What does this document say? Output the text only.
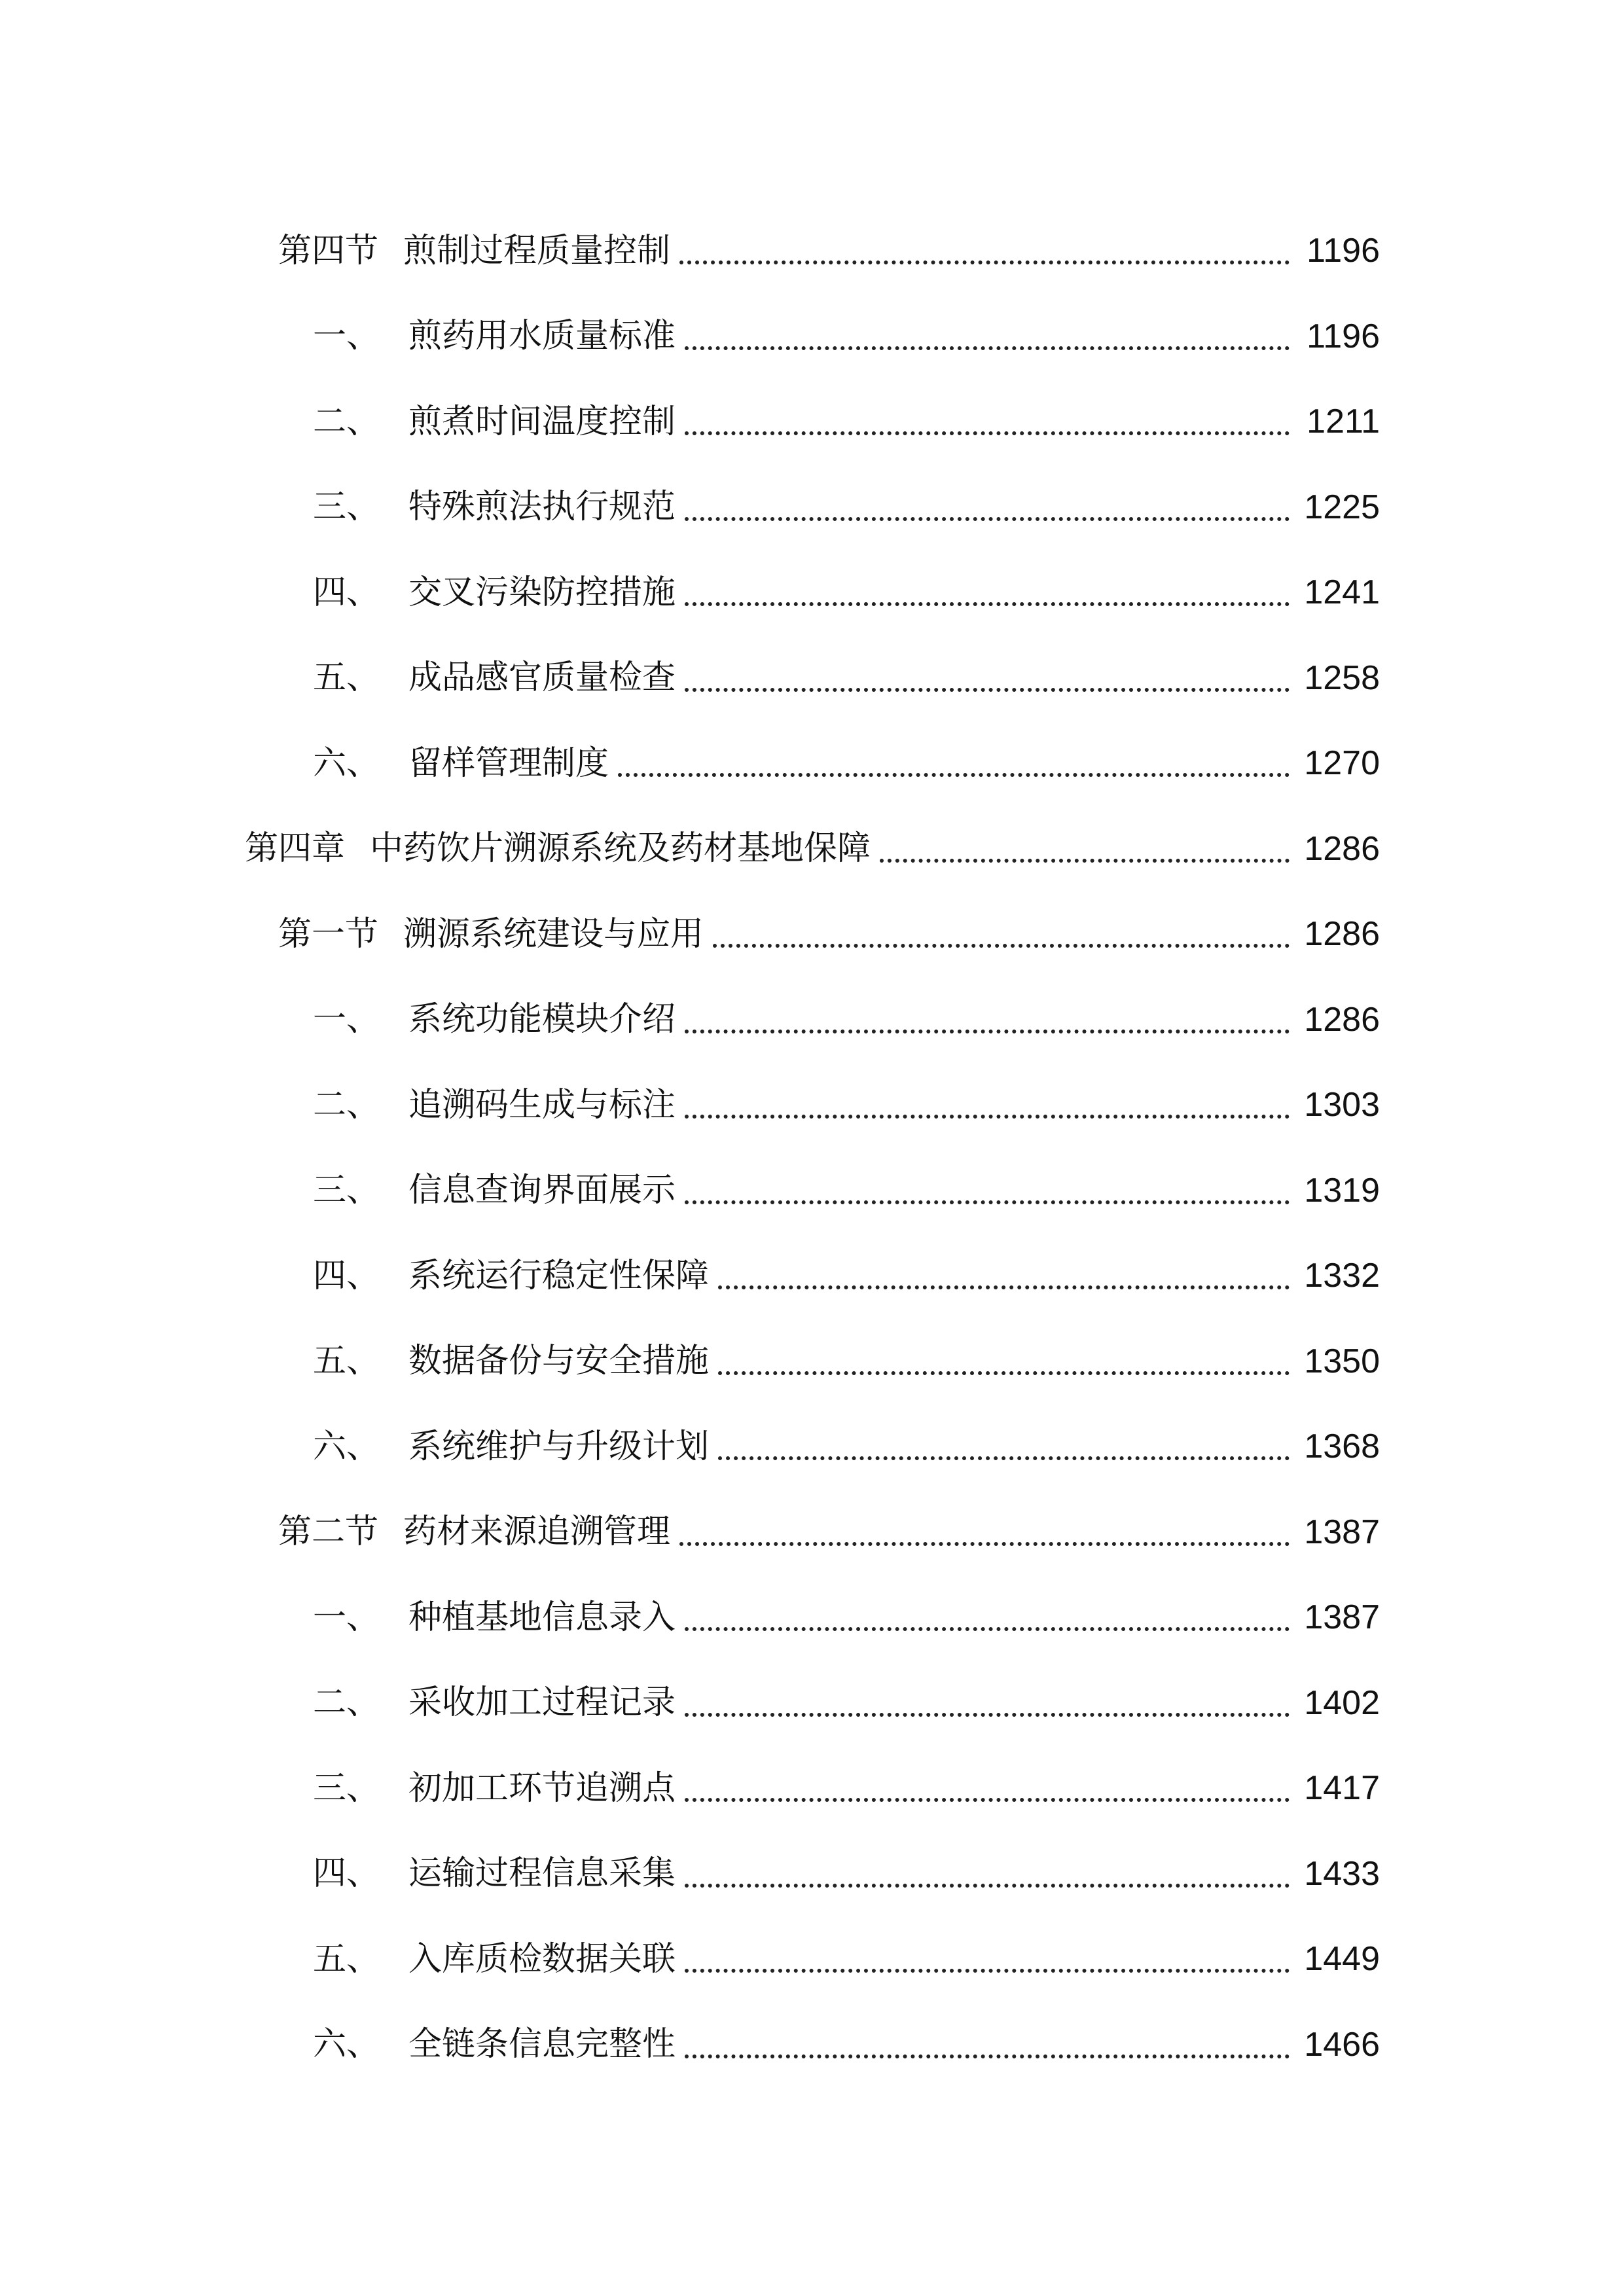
第四节 煎制过程质量控制	1196
一、 煎药用水质量标准	1196
二、 煎煮时间温度控制	1211
三、 特殊煎法执行规范	1225
四、 交叉污染防控措施	1241
五、 成品感官质量检查	1258
六、 留样管理制度	1270
第四章 中药饮片溯源系统及药材基地保障	1286
第一节 溯源系统建设与应用	1286
一、 系统功能模块介绍	1286
二、 追溯码生成与标注	1303
三、 信息查询界面展示	1319
四、 系统运行稳定性保障	1332
五、 数据备份与安全措施	1350
六、 系统维护与升级计划	1368
第二节 药材来源追溯管理	1387
一、 种植基地信息录入	1387
二、 采收加工过程记录	1402
三、 初加工环节追溯点	1417
四、 运输过程信息采集	1433
五、 入库质检数据关联	1449
六、 全链条信息完整性	1466
